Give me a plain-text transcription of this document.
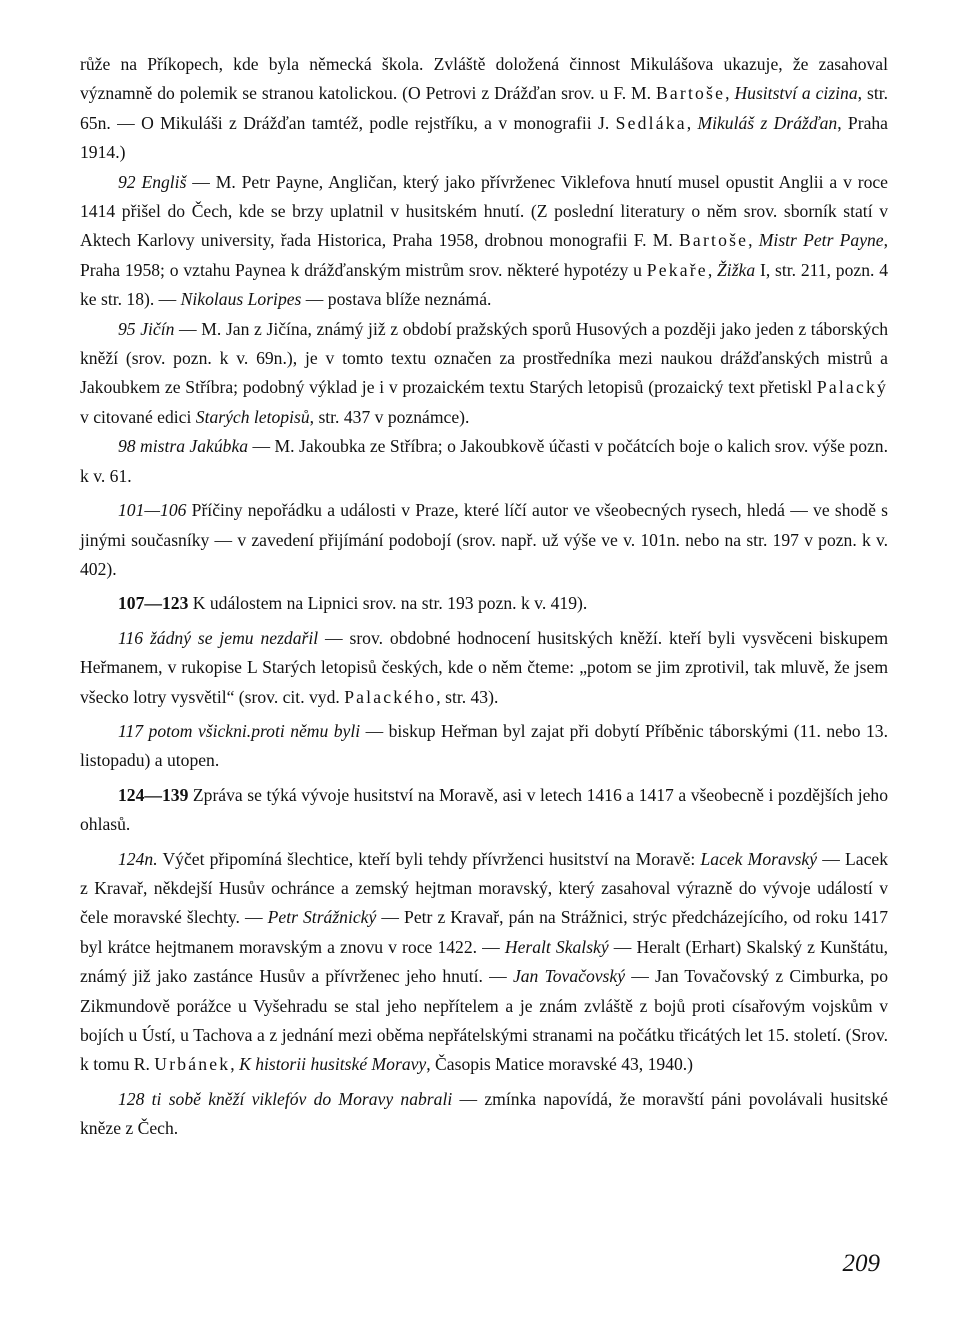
růže na Příkopech, kde byla německá škola. Zvláště doložená činnost Mikulášova ukazuje, že zasahoval významně do polemik se stranou katolickou. (O Petrovi z Drážďan srov. u F. M. Bartoše, Husitství a cizina, str. 65n. — O Mikuláši z Drážďan tamtéž, podle rejstříku, a v monografii J. Sedláka, Mikuláš z Drážďan, Praha 1914.)

92 Engliš — M. Petr Payne, Angličan, který jako přívrženec Viklefova hnutí musel opustit Anglii a v roce 1414 přišel do Čech, kde se brzy uplatnil v husitském hnutí. (Z poslední literatury o něm srov. sborník statí v Aktech Karlovy university, řada Historica, Praha 1958, drobnou monografii F. M. Bartoše, Mistr Petr Payne, Praha 1958; o vztahu Paynea k drážďanským mistrům srov. některé hypotézy u Pekaře, Žižka I, str. 211, pozn. 4 ke str. 18). — Nikolaus Loripes — postava blíže neznámá.

95 Jičín — M. Jan z Jičína, známý již z období pražských sporů Husových a později jako jeden z táborských kněží (srov. pozn. k v. 69n.), je v tomto textu označen za prostředníka mezi naukou drážďanských mistrů a Jakoubkem ze Stříbra; podobný výklad je i v prozaickém textu Starých letopisů (prozaický text přetiskl Palacký v citované edici Starých letopisů, str. 437 v poznámce).

98 mistra Jakúbka — M. Jakoubka ze Stříbra; o Jakoubkově účasti v počátcích boje o kalich srov. výše pozn. k v. 61.

101—106 Příčiny nepořádku a události v Praze, které líčí autor ve všeobecných rysech, hledá — ve shodě s jinými současníky — v zavedení přijímání podobojí (srov. např. už výše ve v. 101n. nebo na str. 197 v pozn. k v. 402).

107—123 K událostem na Lipnici srov. na str. 193 pozn. k v. 419).

116 žádný se jemu nezdařil — srov. obdobné hodnocení husitských kněží. kteří byli vysvěceni biskupem Heřmanem, v rukopise L Starých letopisů českých, kde o něm čteme: „potom se jim zprotivil, tak mluvě, že jsem všecko lotry vysvětil“ (srov. cit. vyd. Palackého, str. 43).

117 potom všickni.proti němu byli — biskup Heřman byl zajat při dobytí Příběnic táborskými (11. nebo 13. listopadu) a utopen.

124—139 Zpráva se týká vývoje husitství na Moravě, asi v letech 1416 a 1417 a všeobecně i pozdějších jeho ohlasů.

124n. Výčet připomíná šlechtice, kteří byli tehdy přívrženci husitství na Moravě: Lacek Moravský — Lacek z Kravař, někdejší Husův ochránce a zemský hejtman moravský, který zasahoval výrazně do vývoje událostí v čele moravské šlechty. — Petr Strážnický — Petr z Kravař, pán na Strážnici, strýc předcházejícího, od roku 1417 byl krátce hejtmanem moravským a znovu v roce 1422. — Heralt Skalský — Heralt (Erhart) Skalský z Kunštátu, známý již jako zastánce Husův a přívrženec jeho hnutí. — Jan Tovačovský — Jan Tovačovský z Cimburka, po Zikmundově porážce u Vyšehradu se stal jeho nepřítelem a je znám zvláště z bojů proti císařovým vojskům v bojích u Ústí, u Tachova a z jednání mezi oběma nepřátelskými stranami na počátku třicátých let 15. století. (Srov. k tomu R. Urbánek, K historii husitské Moravy, Časopis Matice moravské 43, 1940.)

128 ti sobě kněží viklefóv do Moravy nabrali — zmínka napovídá, že moravští páni povolávali husitské kněze z Čech.

209
